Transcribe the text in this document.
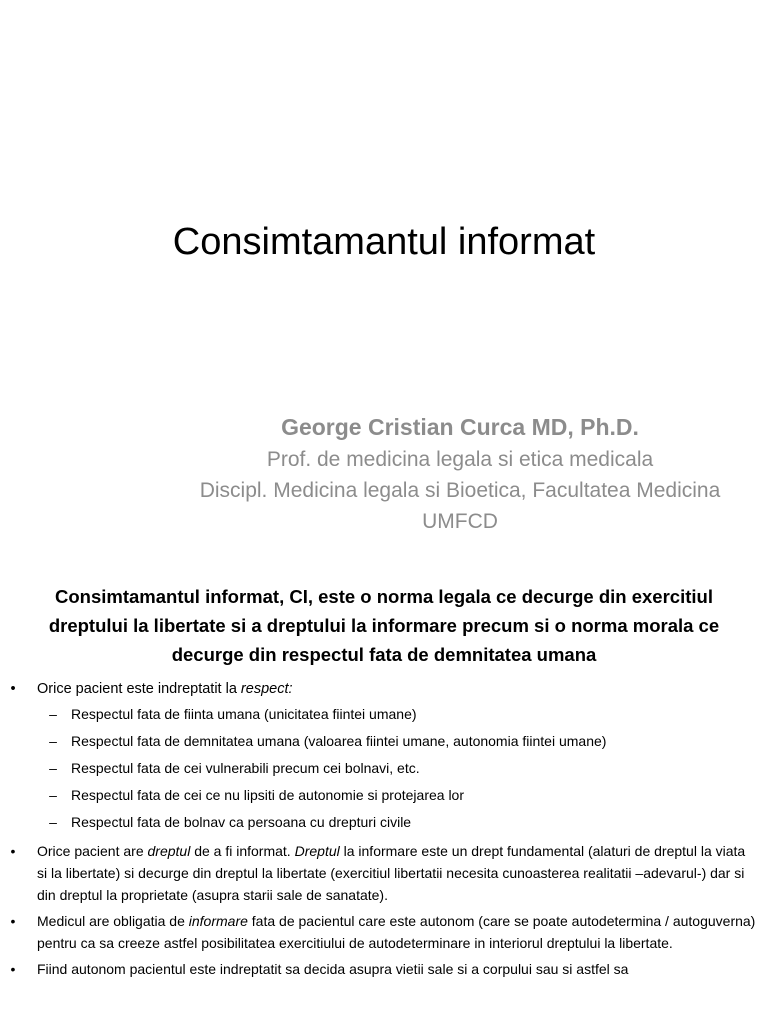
Consimtamantul informat
George Cristian Curca MD, Ph.D.
Prof. de medicina legala si etica medicala
Discipl. Medicina legala si Bioetica, Facultatea Medicina UMFCD
Consimtamantul informat, CI, este o norma legala ce decurge din exercitiul dreptului la libertate si a dreptului la informare precum si o norma morala ce decurge din respectul fata de demnitatea umana
• Orice pacient este indreptatit la respect:
– Respectul fata de fiinta umana (unicitatea fiintei umane)
– Respectul fata de demnitatea umana (valoarea fiintei umane, autonomia fiintei umane)
– Respectul fata de cei vulnerabili precum cei bolnavi, etc.
– Respectul fata de cei ce nu lipsiti de autonomie si protejarea lor
– Respectul fata de bolnav ca persoana cu drepturi civile
• Orice pacient are dreptul de a fi informat. Dreptul la informare este un drept fundamental (alaturi de dreptul la viata si la libertate) si decurge din dreptul la libertate (exercitiul libertatii necesita cunoasterea realitatii –adevarul-) dar si din dreptul la proprietate (asupra starii sale de sanatate).
• Medicul are obligatia de informare fata de pacientul care este autonom (care se poate autodetermina / autoguverna) pentru ca sa creeze astfel posibilitatea exercitiului de autodeterminare in interiorul dreptului la libertate.
• Fiind autonom pacientul este indreptatit sa decida asupra vietii sale si a corpului sau si astfel sa
